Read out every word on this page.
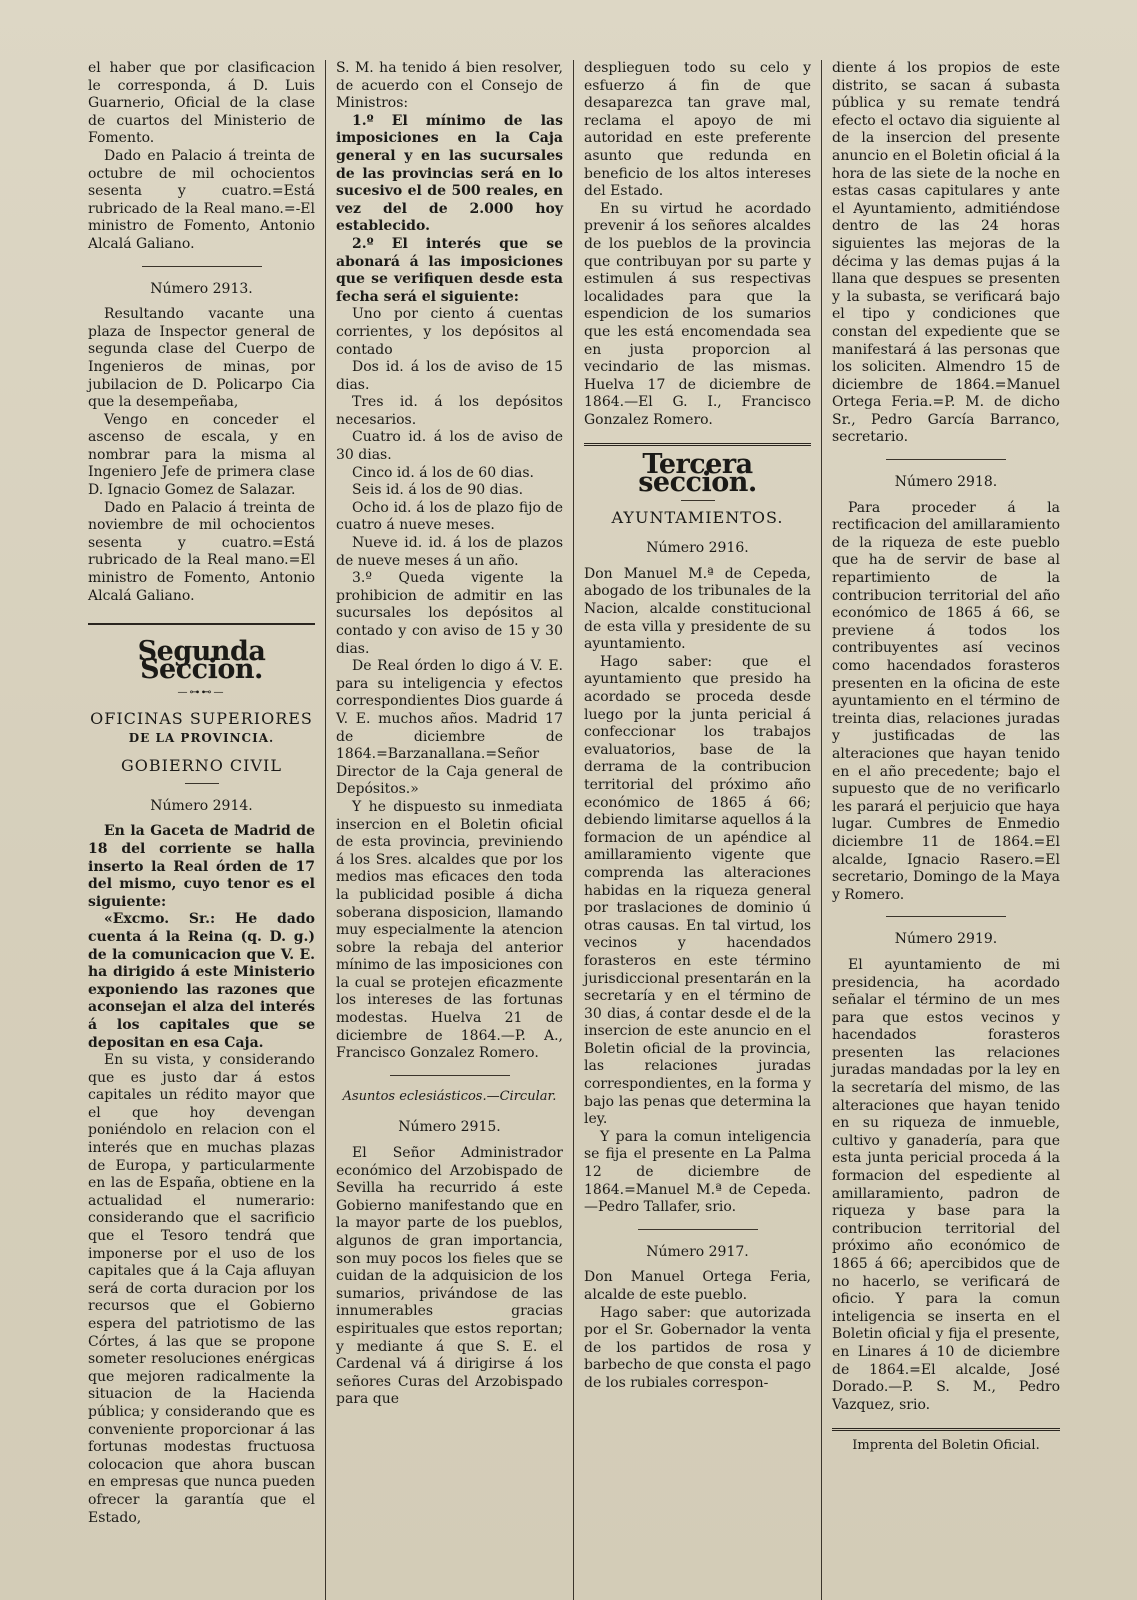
el haber que por clasificacion le corresponda, á D. Luis Guarnerio, Oficial de la clase de cuartos del Ministerio de Fomento.

Dado en Palacio á treinta de octubre de mil ochocientos sesenta y cuatro.=Está rubricado de la Real mano.=-El ministro de Fomento, Antonio Alcalá Galiano.

Número 2913.

Resultando vacante una plaza de Inspector general de segunda clase del Cuerpo de Ingenieros de minas, por jubilacion de D. Policarpo Cia que la desempeñaba,

Vengo en conceder el ascenso de escala, y en nombrar para la misma al Ingeniero Jefe de primera clase D. Ignacio Gomez de Salazar.

Dado en Palacio á treinta de noviembre de mil ochocientos sesenta y cuatro.=Está rubricado de la Real mano.=El ministro de Fomento, Antonio Alcalá Galiano.

Segunda Seccion.
—⊶⊷—
OFICINAS SUPERIORES
DE LA PROVINCIA.
GOBIERNO CIVIL
Número 2914.

En la Gaceta de Madrid de 18 del corriente se halla inserto la Real órden de 17 del mismo, cuyo tenor es el siguiente:

«Excmo. Sr.: He dado cuenta á la Reina (q. D. g.) de la comunicacion que V. E. ha dirigido á este Ministerio exponiendo las razones que aconsejan el alza del interés á los capitales que se depositan en esa Caja.

En su vista, y considerando que es justo dar á estos capitales un rédito mayor que el que hoy devengan poniéndolo en relacion con el interés que en muchas plazas de Europa, y particularmente en las de España, obtiene en la actualidad el numerario: considerando que el sacrificio que el Tesoro tendrá que imponerse por el uso de los capitales que á la Caja afluyan será de corta duracion por los recursos que el Gobierno espera del patriotismo de las Córtes, á las que se propone someter resoluciones enérgicas que mejoren radicalmente la situacion de la Hacienda pública; y considerando que es conveniente proporcionar á las fortunas modestas fructuosa colocacion que ahora buscan en empresas que nunca pueden ofrecer la garantía que el Estado,

S. M. ha tenido á bien resolver, de acuerdo con el Consejo de Ministros:

1.º El mínimo de las imposiciones en la Caja general y en las sucursales de las provincias será en lo sucesivo el de 500 reales, en vez del de 2.000 hoy establecido.

2.º El interés que se abonará á las imposiciones que se verifiquen desde esta fecha será el siguiente:

Uno por ciento á cuentas corrientes, y los depósitos al contado

Dos id. á los de aviso de 15 dias.

Tres id. á los depósitos necesarios.

Cuatro id. á los de aviso de 30 dias.

Cinco id. á los de 60 dias.

Seis id. á los de 90 dias.

Ocho id. á los de plazo fijo de cuatro á nueve meses.

Nueve id. id. á los de plazos de nueve meses á un año.

3.º Queda vigente la prohibicion de admitir en las sucursales los depósitos al contado y con aviso de 15 y 30 dias.

De Real órden lo digo á V. E. para su inteligencia y efectos correspondientes Dios guarde á V. E. muchos años. Madrid 17 de diciembre de 1864.=Barzanallana.=Señor Director de la Caja general de Depósitos.»

Y he dispuesto su inmediata insercion en el Boletin oficial de esta provincia, previniendo á los Sres. alcaldes que por los medios mas eficaces den toda la publicidad posible á dicha soberana disposicion, llamando muy especialmente la atencion sobre la rebaja del anterior mínimo de las imposiciones con la cual se protejen eficazmente los intereses de las fortunas modestas. Huelva 21 de diciembre de 1864.—P. A., Francisco Gonzalez Romero.

Asuntos eclesiásticos.—Circular.
Número 2915.

El Señor Administrador económico del Arzobispado de Sevilla ha recurrido á este Gobierno manifestando que en la mayor parte de los pueblos, algunos de gran importancia, son muy pocos los fieles que se cuidan de la adquisicion de los sumarios, privándose de las innumerables gracias espirituales que estos reportan; y mediante á que S. E. el Cardenal vá á dirigirse á los señores Curas del Arzobispado para que

desplieguen todo su celo y esfuerzo á fin de que desaparezca tan grave mal, reclama el apoyo de mi autoridad en este preferente asunto que redunda en beneficio de los altos intereses del Estado.

En su virtud he acordado prevenir á los señores alcaldes de los pueblos de la provincia que contribuyan por su parte y estimulen á sus respectivas localidades para que la espendicion de los sumarios que les está encomendada sea en justa proporcion al vecindario de las mismas. Huelva 17 de diciembre de 1864.—El G. I., Francisco Gonzalez Romero.

Tercera seccion.
AYUNTAMIENTOS.
Número 2916.

Don Manuel M.ª de Cepeda, abogado de los tribunales de la Nacion, alcalde constitucional de esta villa y presidente de su ayuntamiento.

Hago saber: que el ayuntamiento que presido ha acordado se proceda desde luego por la junta pericial á confeccionar los trabajos evaluatorios, base de la derrama de la contribucion territorial del próximo año económico de 1865 á 66; debiendo limitarse aquellos á la formacion de un apéndice al amillaramiento vigente que comprenda las alteraciones habidas en la riqueza general por traslaciones de dominio ú otras causas. En tal virtud, los vecinos y hacendados forasteros en este término jurisdiccional presentarán en la secretaría y en el término de 30 dias, á contar desde el de la insercion de este anuncio en el Boletin oficial de la provincia, las relaciones juradas correspondientes, en la forma y bajo las penas que determina la ley.

Y para la comun inteligencia se fija el presente en La Palma 12 de diciembre de 1864.=Manuel M.ª de Cepeda.—Pedro Tallafer, srio.

Número 2917.

Don Manuel Ortega Feria, alcalde de este pueblo.

Hago saber: que autorizada por el Sr. Gobernador la venta de los partidos de rosa y barbecho de que consta el pago de los rubiales correspon-

diente á los propios de este distrito, se sacan á subasta pública y su remate tendrá efecto el octavo dia siguiente al de la insercion del presente anuncio en el Boletin oficial á la hora de las siete de la noche en estas casas capitulares y ante el Ayuntamiento, admitiéndose dentro de las 24 horas siguientes las mejoras de la décima y las demas pujas á la llana que despues se presenten y la subasta, se verificará bajo el tipo y condiciones que constan del expediente que se manifestará á las personas que los soliciten. Almendro 15 de diciembre de 1864.=Manuel Ortega Feria.=P. M. de dicho Sr., Pedro García Barranco, secretario.

Número 2918.

Para proceder á la rectificacion del amillaramiento de la riqueza de este pueblo que ha de servir de base al repartimiento de la contribucion territorial del año económico de 1865 á 66, se previene á todos los contribuyentes así vecinos como hacendados forasteros presenten en la oficina de este ayuntamiento en el término de treinta dias, relaciones juradas y justificadas de las alteraciones que hayan tenido en el año precedente; bajo el supuesto que de no verificarlo les parará el perjuicio que haya lugar. Cumbres de Enmedio diciembre 11 de 1864.=El alcalde, Ignacio Rasero.=El secretario, Domingo de la Maya y Romero.

Número 2919.

El ayuntamiento de mi presidencia, ha acordado señalar el término de un mes para que estos vecinos y hacendados forasteros presenten las relaciones juradas mandadas por la ley en la secretaría del mismo, de las alteraciones que hayan tenido en su riqueza de inmueble, cultivo y ganadería, para que esta junta pericial proceda á la formacion del espediente al amillaramiento, padron de riqueza y base para la contribucion territorial del próximo año económico de 1865 á 66; apercibidos que de no hacerlo, se verificará de oficio. Y para la comun inteligencia se inserta en el Boletin oficial y fija el presente, en Linares á 10 de diciembre de 1864.=El alcalde, José Dorado.—P. S. M., Pedro Vazquez, srio.

Imprenta del Boletin Oficial.
